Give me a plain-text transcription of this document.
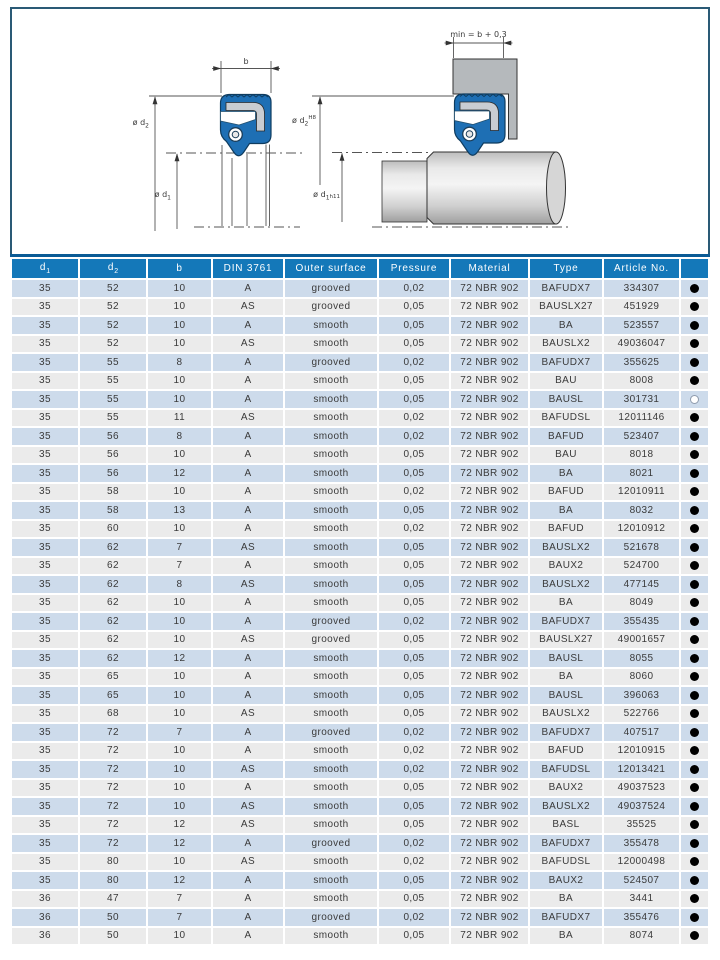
b
ø $d_2$
ø $d_1$
min = b + 0,3
ø $d_2^{H8}$
ø $d_1h11$
$d_1$	$d_2$	b	DIN 3761	Outer surface	Pressure	Material	Type	Article No.	
35	52	10	A	grooved	0,02	72 NBR 902	BAFUDX7	334307	
35	52	10	AS	grooved	0,05	72 NBR 902	BAUSLX27	451929	
35	52	10	A	smooth	0,05	72 NBR 902	BA	523557	
35	52	10	AS	smooth	0,05	72 NBR 902	BAUSLX2	49036047	
35	55	8	A	grooved	0,02	72 NBR 902	BAFUDX7	355625	
35	55	10	A	smooth	0,05	72 NBR 902	BAU	8008	
35	55	10	A	smooth	0,05	72 NBR 902	BAUSL	301731	
35	55	11	AS	smooth	0,02	72 NBR 902	BAFUDSL	12011146	
35	56	8	A	smooth	0,02	72 NBR 902	BAFUD	523407	
35	56	10	A	smooth	0,05	72 NBR 902	BAU	8018	
35	56	12	A	smooth	0,05	72 NBR 902	BA	8021	
35	58	10	A	smooth	0,02	72 NBR 902	BAFUD	12010911	
35	58	13	A	smooth	0,05	72 NBR 902	BA	8032	
35	60	10	A	smooth	0,02	72 NBR 902	BAFUD	12010912	
35	62	7	AS	smooth	0,05	72 NBR 902	BAUSLX2	521678	
35	62	7	A	smooth	0,05	72 NBR 902	BAUX2	524700	
35	62	8	AS	smooth	0,05	72 NBR 902	BAUSLX2	477145	
35	62	10	A	smooth	0,05	72 NBR 902	BA	8049	
35	62	10	A	grooved	0,02	72 NBR 902	BAFUDX7	355435	
35	62	10	AS	grooved	0,05	72 NBR 902	BAUSLX27	49001657	
35	62	12	A	smooth	0,05	72 NBR 902	BAUSL	8055	
35	65	10	A	smooth	0,05	72 NBR 902	BA	8060	
35	65	10	A	smooth	0,05	72 NBR 902	BAUSL	396063	
35	68	10	AS	smooth	0,05	72 NBR 902	BAUSLX2	522766	
35	72	7	A	grooved	0,02	72 NBR 902	BAFUDX7	407517	
35	72	10	A	smooth	0,02	72 NBR 902	BAFUD	12010915	
35	72	10	AS	smooth	0,02	72 NBR 902	BAFUDSL	12013421	
35	72	10	A	smooth	0,05	72 NBR 902	BAUX2	49037523	
35	72	10	AS	smooth	0,05	72 NBR 902	BAUSLX2	49037524	
35	72	12	AS	smooth	0,05	72 NBR 902	BASL	35525	
35	72	12	A	grooved	0,02	72 NBR 902	BAFUDX7	355478	
35	80	10	AS	smooth	0,02	72 NBR 902	BAFUDSL	12000498	
35	80	12	A	smooth	0,05	72 NBR 902	BAUX2	524507	
36	47	7	A	smooth	0,05	72 NBR 902	BA	3441	
36	50	7	A	grooved	0,02	72 NBR 902	BAFUDX7	355476	
36	50	10	A	smooth	0,05	72 NBR 902	BA	8074	
